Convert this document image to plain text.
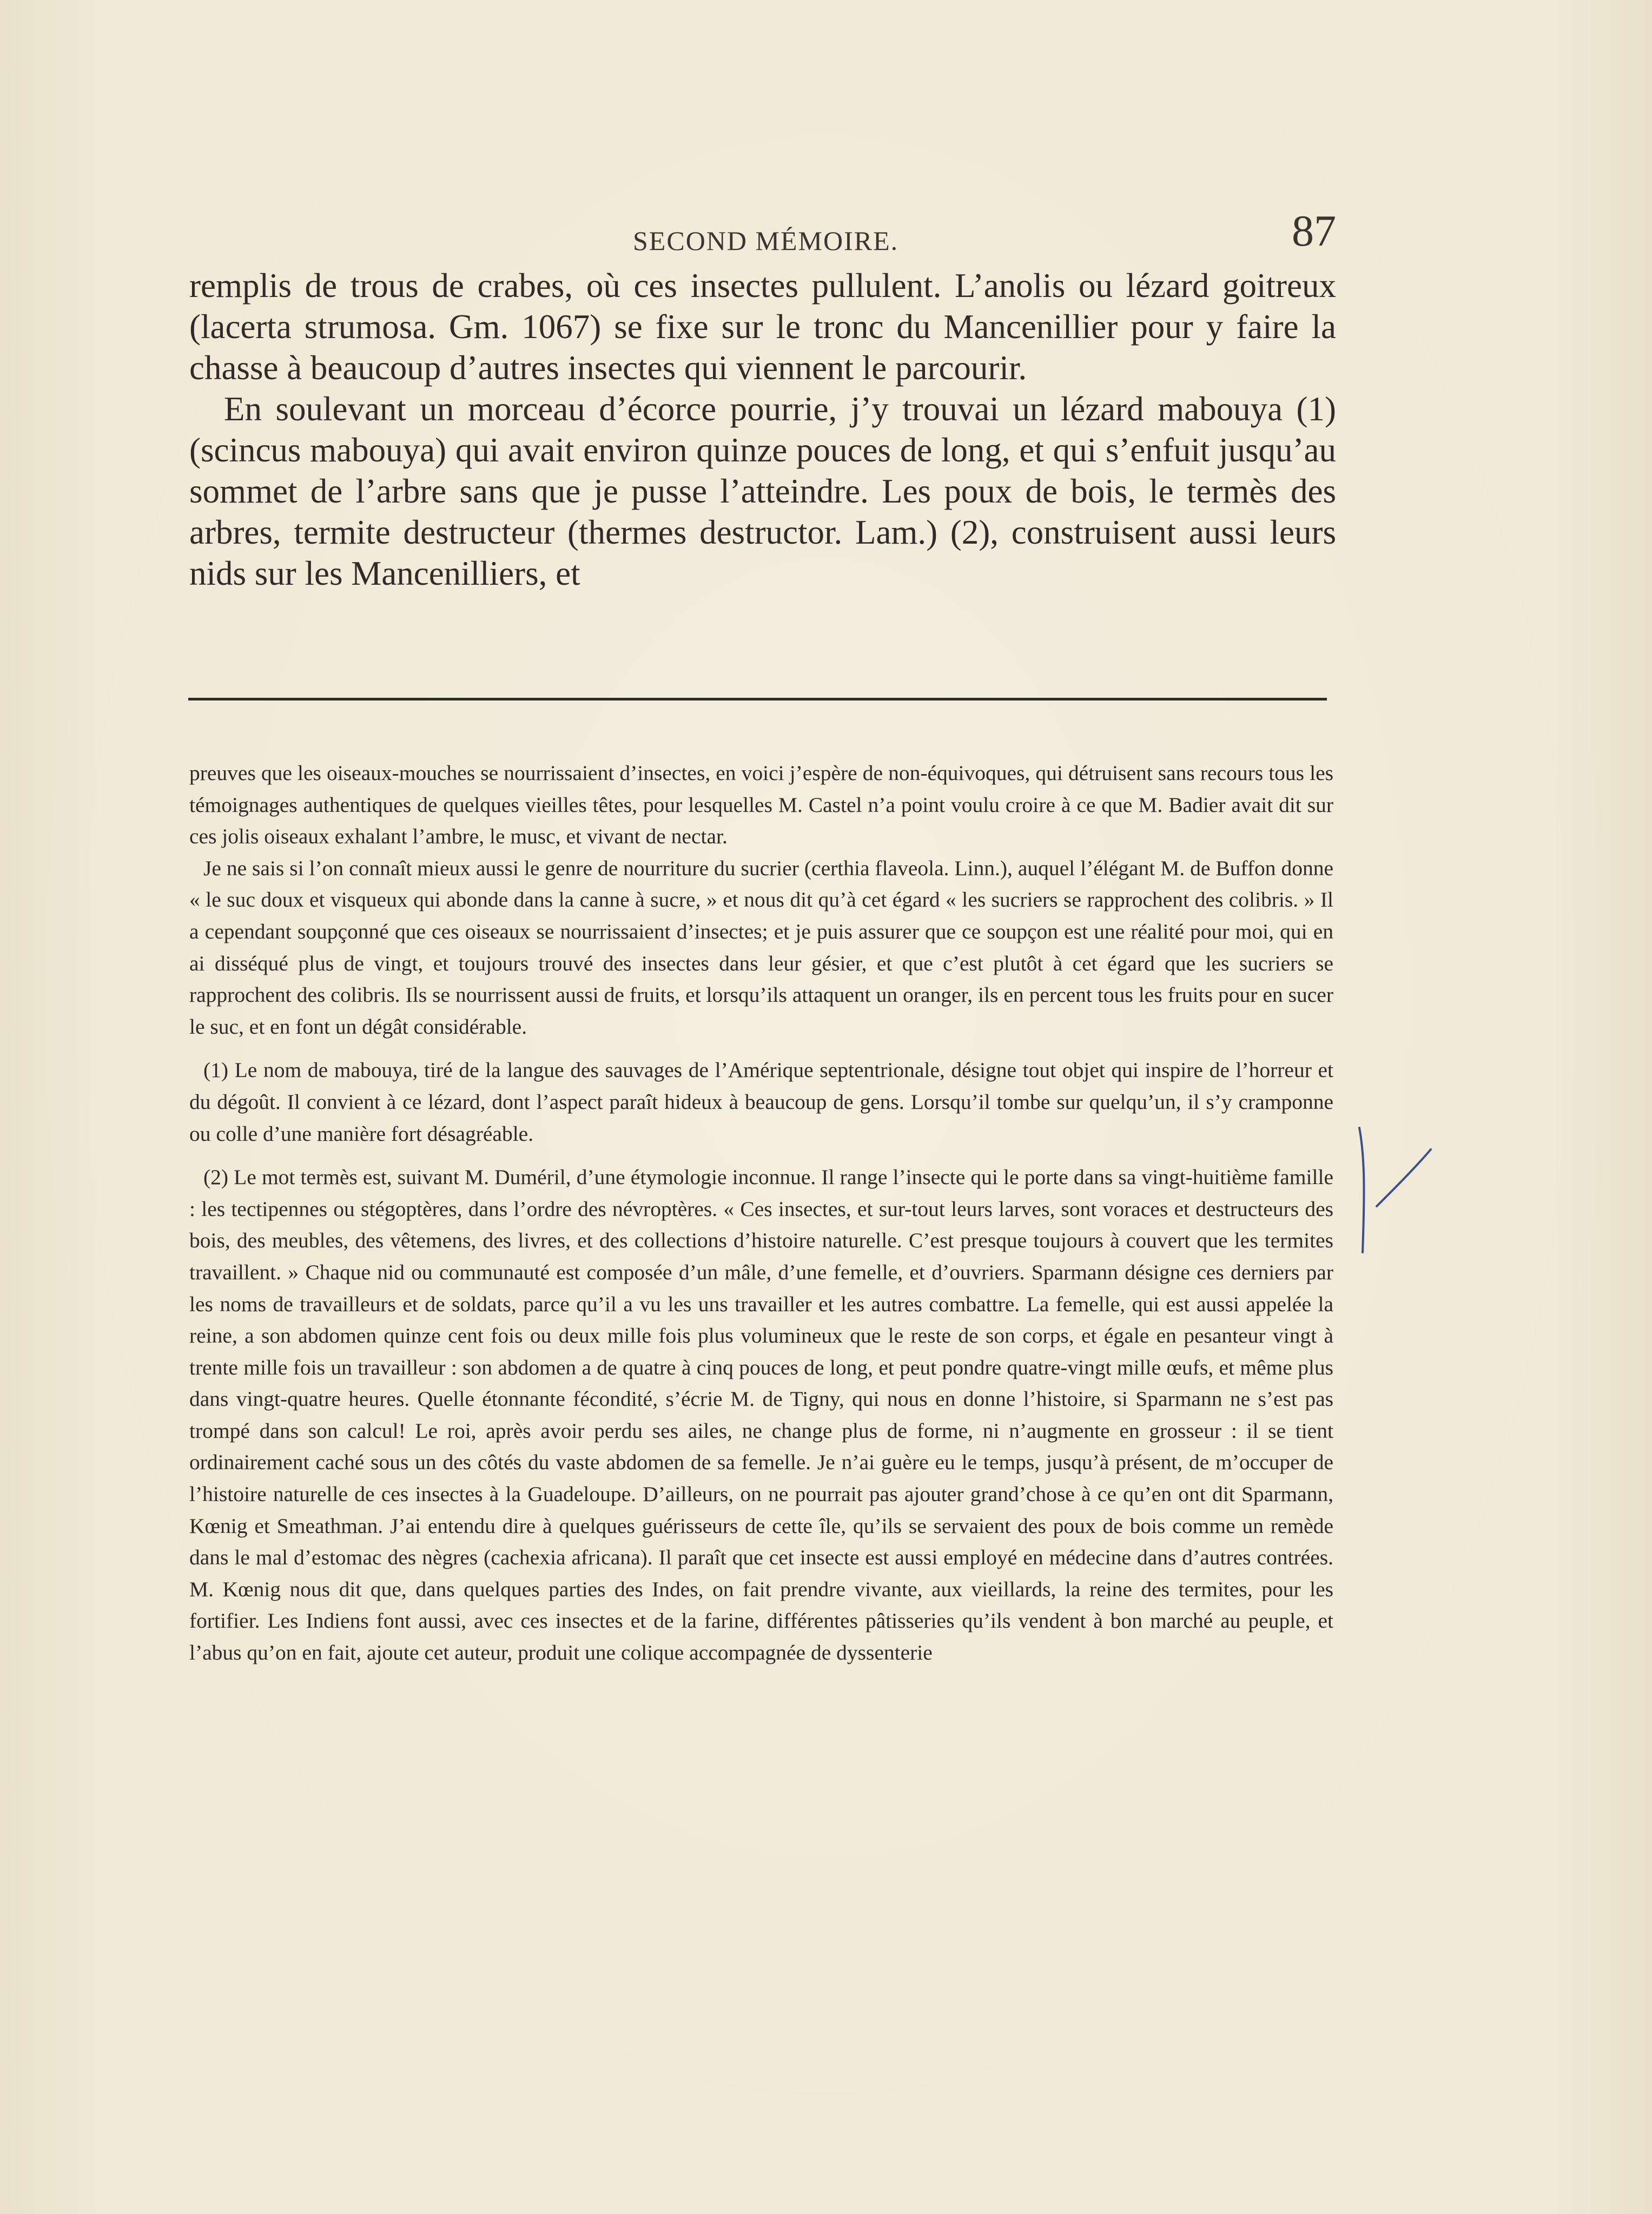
SECOND MÉMOIRE.	87

remplis de trous de crabes, où ces insectes pullulent. L’anolis ou lézard goitreux (lacerta strumosa. Gm. 1067) se fixe sur le tronc du Mancenillier pour y faire la chasse à beaucoup d’autres insectes qui viennent le parcourir.

En soulevant un morceau d’écorce pourrie, j’y trouvai un lézard mabouya (1) (scincus mabouya) qui avait environ quinze pouces de long, et qui s’enfuit jusqu’au sommet de l’arbre sans que je pusse l’atteindre. Les poux de bois, le termès des arbres, termite destructeur (thermes destructor. Lam.) (2), construisent aussi leurs nids sur les Mancenilliers, et

preuves que les oiseaux-mouches se nourrissaient d’insectes, en voici j’espère de non-équivoques, qui détruisent sans recours tous les témoignages authentiques de quelques vieilles têtes, pour lesquelles M. Castel n’a point voulu croire à ce que M. Badier avait dit sur ces jolis oiseaux exhalant l’ambre, le musc, et vivant de nectar.

Je ne sais si l’on connaît mieux aussi le genre de nourriture du sucrier (certhia flaveola. Linn.), auquel l’élégant M. de Buffon donne « le suc doux et visqueux qui abonde dans la canne à sucre, » et nous dit qu’à cet égard « les sucriers se rapprochent des colibris. » Il a cependant soupçonné que ces oiseaux se nourrissaient d’insectes; et je puis assurer que ce soupçon est une réalité pour moi, qui en ai disséqué plus de vingt, et toujours trouvé des insectes dans leur gésier, et que c’est plutôt à cet égard que les sucriers se rapprochent des colibris. Ils se nourrissent aussi de fruits, et lorsqu’ils attaquent un oranger, ils en percent tous les fruits pour en sucer le suc, et en font un dégât considérable.

(1) Le nom de mabouya, tiré de la langue des sauvages de l’Amérique septentrionale, désigne tout objet qui inspire de l’horreur et du dégoût. Il convient à ce lézard, dont l’aspect paraît hideux à beaucoup de gens. Lorsqu’il tombe sur quelqu’un, il s’y cramponne ou colle d’une manière fort désagréable.

(2) Le mot termès est, suivant M. Duméril, d’une étymologie inconnue. Il range l’insecte qui le porte dans sa vingt-huitième famille : les tectipennes ou stégoptères, dans l’ordre des névroptères. « Ces insectes, et sur-tout leurs larves, sont voraces et destructeurs des bois, des meubles, des vêtemens, des livres, et des collections d’histoire naturelle. C’est presque toujours à couvert que les termites travaillent. » Chaque nid ou communauté est composée d’un mâle, d’une femelle, et d’ouvriers. Sparmann désigne ces derniers par les noms de travailleurs et de soldats, parce qu’il a vu les uns travailler et les autres combattre. La femelle, qui est aussi appelée la reine, a son abdomen quinze cent fois ou deux mille fois plus volumineux que le reste de son corps, et égale en pesanteur vingt à trente mille fois un travailleur : son abdomen a de quatre à cinq pouces de long, et peut pondre quatre-vingt mille œufs, et même plus dans vingt-quatre heures. Quelle étonnante fécondité, s’écrie M. de Tigny, qui nous en donne l’histoire, si Sparmann ne s’est pas trompé dans son calcul! Le roi, après avoir perdu ses ailes, ne change plus de forme, ni n’augmente en grosseur : il se tient ordinairement caché sous un des côtés du vaste abdomen de sa femelle. Je n’ai guère eu le temps, jusqu’à présent, de m’occuper de l’histoire naturelle de ces insectes à la Guadeloupe. D’ailleurs, on ne pourrait pas ajouter grand’chose à ce qu’en ont dit Sparmann, Kœnig et Smeathman. J’ai entendu dire à quelques guérisseurs de cette île, qu’ils se servaient des poux de bois comme un remède dans le mal d’estomac des nègres (cachexia africana). Il paraît que cet insecte est aussi employé en médecine dans d’autres contrées. M. Kœnig nous dit que, dans quelques parties des Indes, on fait prendre vivante, aux vieillards, la reine des termites, pour les fortifier. Les Indiens font aussi, avec ces insectes et de la farine, différentes pâtisseries qu’ils vendent à bon marché au peuple, et l’abus qu’on en fait, ajoute cet auteur, produit une colique accompagnée de dyssenterie
